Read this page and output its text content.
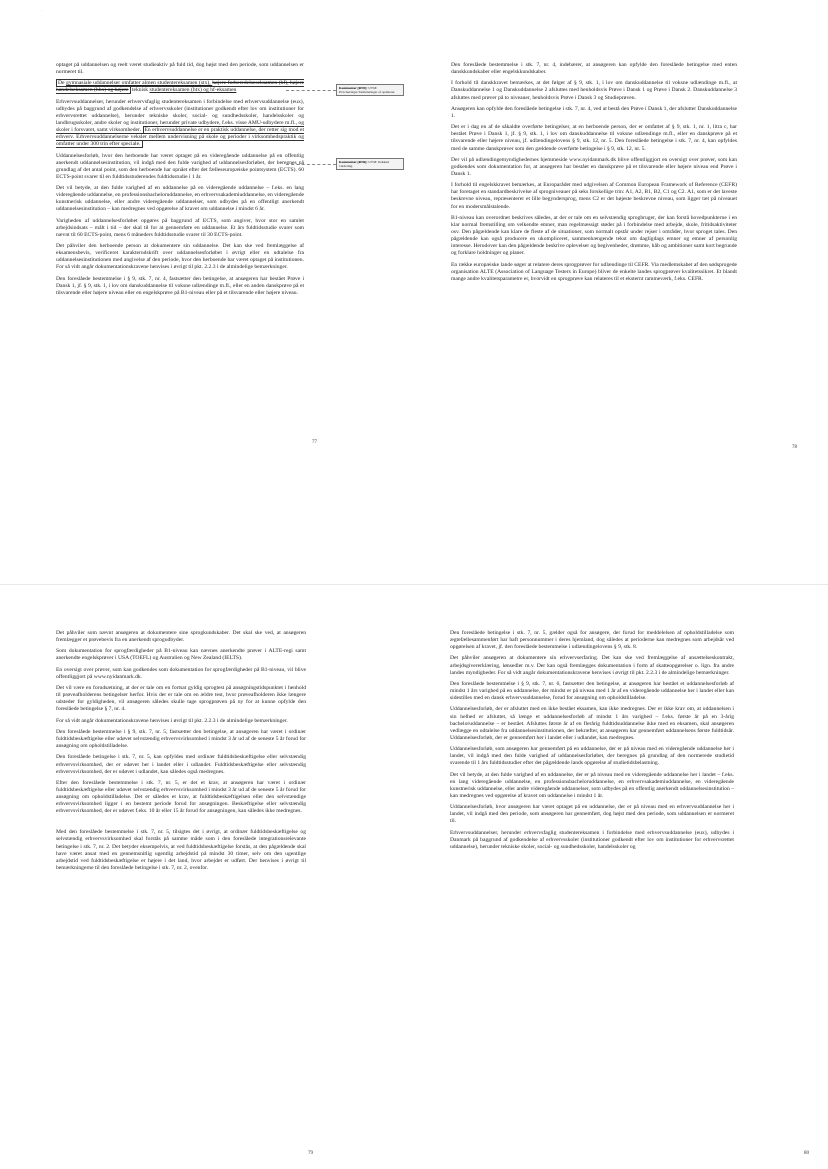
·

optaget på uddannelsen og reelt været studieaktiv på fuld tid, dog højst med den periode, som uddannelsen er normeret til.

De gymnasiale uddannelser omfatter almen studentereksamen (stx), højere forberedelseseksamen (hf), højere handelseksamen (hhx) og højere teknisk studentereksamen (htx) og hf-eksamen

Erhvervsuddannelser, herunder erhvervsfaglig studentereksamen i forbindelse med erhvervsuddannelse (eux), udbydes på baggrund af godkendelse af erhvervsskoler (institutioner godkendt efter lov om institutioner for erhvervsrettet uddannelse), herunder tekniske skoler, social- og sundhedsskoler, handelsskoler og landbrugsskoler, andre skoler og institutioner, herunder private udbydere, f.eks. visse AMU-udbydere m.fl., og skoler i forsvaret, samt virksomheder. En erhvervsuddannelse er en praktisk uddannelse, der retter sig mod et erhverv. Erhvervsuddannelserne veksler mellem undervisning på skole og perioder i virksomhedspraktik og omfatter under 300 trin efter speciale.

Uddannelsesforløb, hvor den herboende har været optaget på en videregående uddannelse på en offentlig anerkendt uddannelsesinstitution, vil indgå med den fulde varighed af uddannelsesforløbet, der beregnes på grundlag af det antal point, som den herboende har opnået efter det fælleseuropæiske pointsystem (ECTS). 60 ECTS-point svarer til en fuldtidsstuderendes fuldtidsstudie i 1 år.

Det vil betyde, at den fulde varighed af en uddannelse på en videregående uddannelse – f.eks. en lang videregående uddannelse, en professionsbacheloruddannelse, en erhvervsakademiuddannelse, en videregående kunstnerisk uddannelse, eller andre videregående uddannelser, som udbydes på en offentligt anerkendt uddannelsesinstitution – kan medregnes ved opgørelse af kravet om uddannelse i mindst 6 år.

Varigheden af uddannelsesforløbet opgøres på baggrund af ECTS, som angiver, hvor stor en samlet arbejdsindsats – målt i tid – der skal til for at gennemføre en uddannelse. Et års fuldtidsstudie svarer som nævnt til 60 ECTS-point, mens 6 måneders fuldtidsstudie svarer til 30 ECTS-point.

Det påhviler den herboende person at dokumentere sin uddannelse. Det kan ske ved fremlæggelse af eksamensbevis, verificeret karakterudskrift over uddannelsesforløbet i øvrigt eller en udtalelse fra uddannelsesinstitutionen med angivelse af den periode, hvor den herboende har været optaget på institutionen. For så vidt angår dokumentationskravene henvises i øvrigt til pkt. 2.2.3 i de almindelige bemærkninger.

Den foreslåede bestemmelse i § 9, stk. 7, nr. 4, fastsætter den betingelse, at ansøgeren har bestået Prøve i Dansk 1, jf. § 9, stk. 1, i lov om danskuddannelse til voksne udlændinge m.fl., eller en anden danskprøve på et tilsvarende eller højere niveau eller en engelskprøve på B1-niveau eller på et tilsvarende eller højere niveau.

Kommentar [RN5]: UVM: Præciseringer/formuleringer af opdateret.
Kommentar [RN6]: UVM: Indskud vurdering.
77

Den foreslåede bestemmelse i stk. 7, nr. 4, indebærer, at ansøgeren kan opfylde den foreslåede betingelse med enten danskkundskaber eller engelskkundskaber.

I forhold til danskkravet bemærkes, at det følger af § 9, stk. 1, i lov om danskuddannelse til voksne udlændinge m.fl., at Danskuddannelse 1 og Danskuddannelse 2 afsluttes med henholdsvis Prøve i Dansk 1 og Prøve i Dansk 2. Danskuddannelse 3 afsluttes med prøver på to niveauer, henholdsvis Prøve i Dansk 3 og Studieprøven.

Ansøgeren kan opfylde den foreslåede betingelse i stk. 7, nr. 4, ved at bestå den Prøve i Dansk 1, der afslutter Danskuddannelse 1.

Det er i dag en af de såkaldte overførte betingelser, at en herboende person, der er omfattet af § 9, stk. 1, nr. 1, litra c, har bestået Prøve i Dansk 1, jf. § 9, stk. 1, i lov om danskuddannelse til voksne udlændinge m.fl., eller en danskprøve på et tilsvarende eller højere niveau, jf. udlændingelovens § 9, stk. 12, nr. 5. Den foreslåede betingelse i stk. 7, nr. 4, kan opfyldes med de samme danskprøver som den gældende overførte betingelse i § 9, stk. 12, nr. 5.

Der vil på udlændingemyndighedernes hjemmeside www.nyidanmark.dk blive offentliggjort en oversigt over prøver, som kan godkendes som dokumentation for, at ansøgeren har bestået en danskprøve på et tilsvarende eller højere niveau end Prøve i Dansk 1.

I forhold til engelskkravet bemærkes, at Europarådet med udgivelsen af Common European Framework of Reference (CEFR) har foretaget en standardbeskrivelse af sprogniveauer på seks forskellige trin: A1, A2, B1, B2, C1 og C2. A1, som er det laveste beskrevne niveau, repræsenterer et lille begyndersprog, mens C2 er det højeste beskrevne niveau, som ligger tæt på niveauet for en modersmålstalende.

B1-niveau kan overordnet beskrives således, at der er tale om en selvstændig sprogbruger, der kan forstå hovedpunkterne i en klar normal fremstilling om velkendte emner, man regelmæssigt støder på i forbindelse med arbejde, skole, fritidsaktiviteter osv. Den pågældende kan klare de fleste af de situationer, som normalt opstår under rejser i områder, hvor sproget tales. Den pågældende kan også producere en ukompliceret, sammenhængende tekst om dagligdags emner og emner af personlig interesse. Herudover kan den pågældende beskrive oplevelser og begivenheder, drømme, håb og ambitioner samt kort begrunde og forklare holdninger og planer.

En række europæiske lande søger at relatere deres sprogprøver for udlændinge til CEFR. Via medlemskabet af den sødsprogede organisation ALTE (Association of Language Testers in Europe) bliver de enkelte landes sprogprøver kvalitetssikret. Et blandt mange andre kvalitetsparametre er, hvorvidt en sprogprøve kan relateres til et eksternt rammeværk, f.eks. CEFR.

78

Det påhviler som nævnt ansøgeren at dokumentere sine sprogkundskaber. Det skal ske ved, at ansøgeren fremlægger et prøvebevis fra en anerkendt sprogudbyder.

Som dokumentation for sprogfærdigheder på B1-niveau kan nævnes anerkendte prøver i ALTE-regi samt anerkendte engelskprøver i USA (TOEFL) og Australien og New Zealand (IELTS).

En oversigt over prøver, som kan godkendes som dokumentation for sprogfærdigheder på B1-niveau, vil blive offentliggjort på www.nyidanmark.dk.

Det vil være en forudsætning, at der er tale om en fortsat gyldig sprogtest på ansøgningstidspunktet i henhold til prøveafholderens betingelser herfor. Hvis der er tale om en ældre test, hvor prøveafholderen ikke længere udsteder for gyldigheden, vil ansøgeren således skulle tage sprogprøven på ny for at kunne opfylde den foreslåede betingelse § 7, nr. 4.

For så vidt angår dokumentationskravene henvises i øvrigt til pkt. 2.2.3 i de almindelige bemærkninger.

Den foreslåede bestemmelse i § 9, stk. 7, nr. 5, fastsætter den betingelse, at ansøgeren har været i ordinær fuldtidsbeskæftigelse eller udøvet selvstændig erhvervsvirksomhed i mindst 3 år ud af de seneste 5 år forud for ansøgning om opholdstilladelse.

Den foreslåede betingelse i stk. 7, nr. 5, kan opfyldes med ordinær fuldtidsbeskæftigelse eller selvstændig erhvervsvirksomhed, der er udøvet her i landet eller i udlandet. Fuldtidsbeskæftigelse eller selvstændig erhvervsvirksomhed, der er udøvet i udlandet, kan således også medregnes.

Efter den foreslåede bestemmelse i stk. 7, nr. 5, er det et krav, at ansøgeren har været i ordinær fuldtidsbeskæftigelse eller udøvet selvstændig erhvervsvirksomhed i mindst 3 år ud af de seneste 5 år forud for ansøgning om opholdstilladelse. Det er således et krav, at fuldtidsbeskæftigelsen eller den selvstændige erhvervsvirksomhed ligger i en bestemt periode forud for ansøgningen. Beskæftigelse eller selvstændig erhvervsvirksomhed, der er udøvet f.eks. 10 år eller 15 år forud for ansøgningen, kan således ikke medregnes.

Med den foreslåede bestemmelse i stk. 7, nr. 5, tilsigtes det i øvrigt, at ordinær fuldtidsbeskæftigelse og selvstændig erhvervsvirksomhed skal forstås på samme måde som i den foreslåede integrationsrelevante betingelse i stk. 7, nr. 2. Det betyder eksempelvis, at ved fuldtidsbeskæftigelse forstås, at den pågældende skal have været ansat med en gennemsnitlig ugentlig arbejdstid på mindst 30 timer, selv om den ugentlige arbejdstid ved fuldtidsbeskæftigelse er højere i det land, hvor arbejdet er udført. Der henvises i øvrigt til bemærkningerne til den foreslåede betingelse i stk. 7, nr. 2, ovenfor.

79

Den foreslåede betingelse i stk. 7, nr. 5, gælder også for ansøgere, der forud for meddelelsen af opholdstilladelse som ægtefællesammenført har haft personnummer i deres hjemland, dog således at perioderne kan medregnes som arbejdsår ved opgørelsen af kravet, jf. den foreslåede bestemmelse i udlændingelovens § 9, stk. 8.

Det påhviler ansøgeren at dokumentere sin erhvervserfaring. Det kan ske ved fremlæggelse af ansættelseskontrakt, arbejdsgivererklæring, lønsedler m.v. Der kan også fremlægges dokumentation i form af skatteopgørelser o. lign. fra andre landes myndigheder. For så vidt angår dokumentationskravene henvises i øvrigt til pkt. 2.2.3 i de almindelige bemærkninger.

Den foreslåede bestemmelse i § 9, stk. 7, nr. 6, fastsætter den betingelse, at ansøgeren har bestået et uddannelsesforløb af mindst 1 års varighed på en uddannelse, der mindst er på niveau med 1 år af en videregående uddannelse her i landet eller kan sidestilles med en dansk erhvervsuddannelse, forud for ansøgning om opholdstilladelse.

Uddannelsesforløb, der er afsluttet med en ikke bestået eksamen, kan ikke medregnes. Der er ikke krav om, at uddannelsen i sin helhed er afsluttet, så længe et uddannelsesforløb af mindst 1 års varighed – f.eks. første år på en 3-årig bacheloruddannelse – er bestået. Afsluttes første år af en flerårig fuldtidsuddannelse ikke med en eksamen, skal ansøgeren vedlægge en udtalelse fra uddannelsesinstitutionen, der bekræfter, at ansøgeren har gennemført uddannelsens første fuldtidsår. Uddannelsesforløb, der er gennemført her i landet eller i udlandet, kan medregnes.

Uddannelsesforløb, som ansøgeren har gennemført på en uddannelse, der er på niveau med en videregående uddannelse her i landet, vil indgå med den fulde varighed af uddannelsesforløbet, der beregnes på grundlag af den normerede studietid svarende til 1 års fuldtidsstudier efter det pågældende lands opgørelse af studietidsbelastning.

Det vil betyde, at den fulde varighed af en uddannelse, der er på niveau med en videregående uddannelse her i landet – f.eks. en lang videregående uddannelse, en professionsbacheloruddannelse, en erhvervsakademiuddannelse, en videregående kunstnerisk uddannelse, eller andre videregående uddannelser, som udbydes på en offentlig anerkendt uddannelsesinstitution – kan medregnes ved opgørelse af kravet om uddannelse i mindst 1 år.

Uddannelsesforløb, hvor ansøgeren har været optaget på en uddannelse, der er på niveau med en erhvervsuddannelse her i landet, vil indgå med den periode, som ansøgeren har gennemført, dog højst med den periode, som uddannelsen er normeret til.

Erhvervsuddannelser, herunder erhvervsfaglig studentereksamen i forbindelse med erhvervsuddannelse (eux), udbydes i Danmark på baggrund af godkendelse af erhvervsskoler (institutioner godkendt efter lov om institutioner for erhvervsrettet uddannelse), herunder tekniske skoler, social- og sundhedsskoler, handelsskoler og

80
